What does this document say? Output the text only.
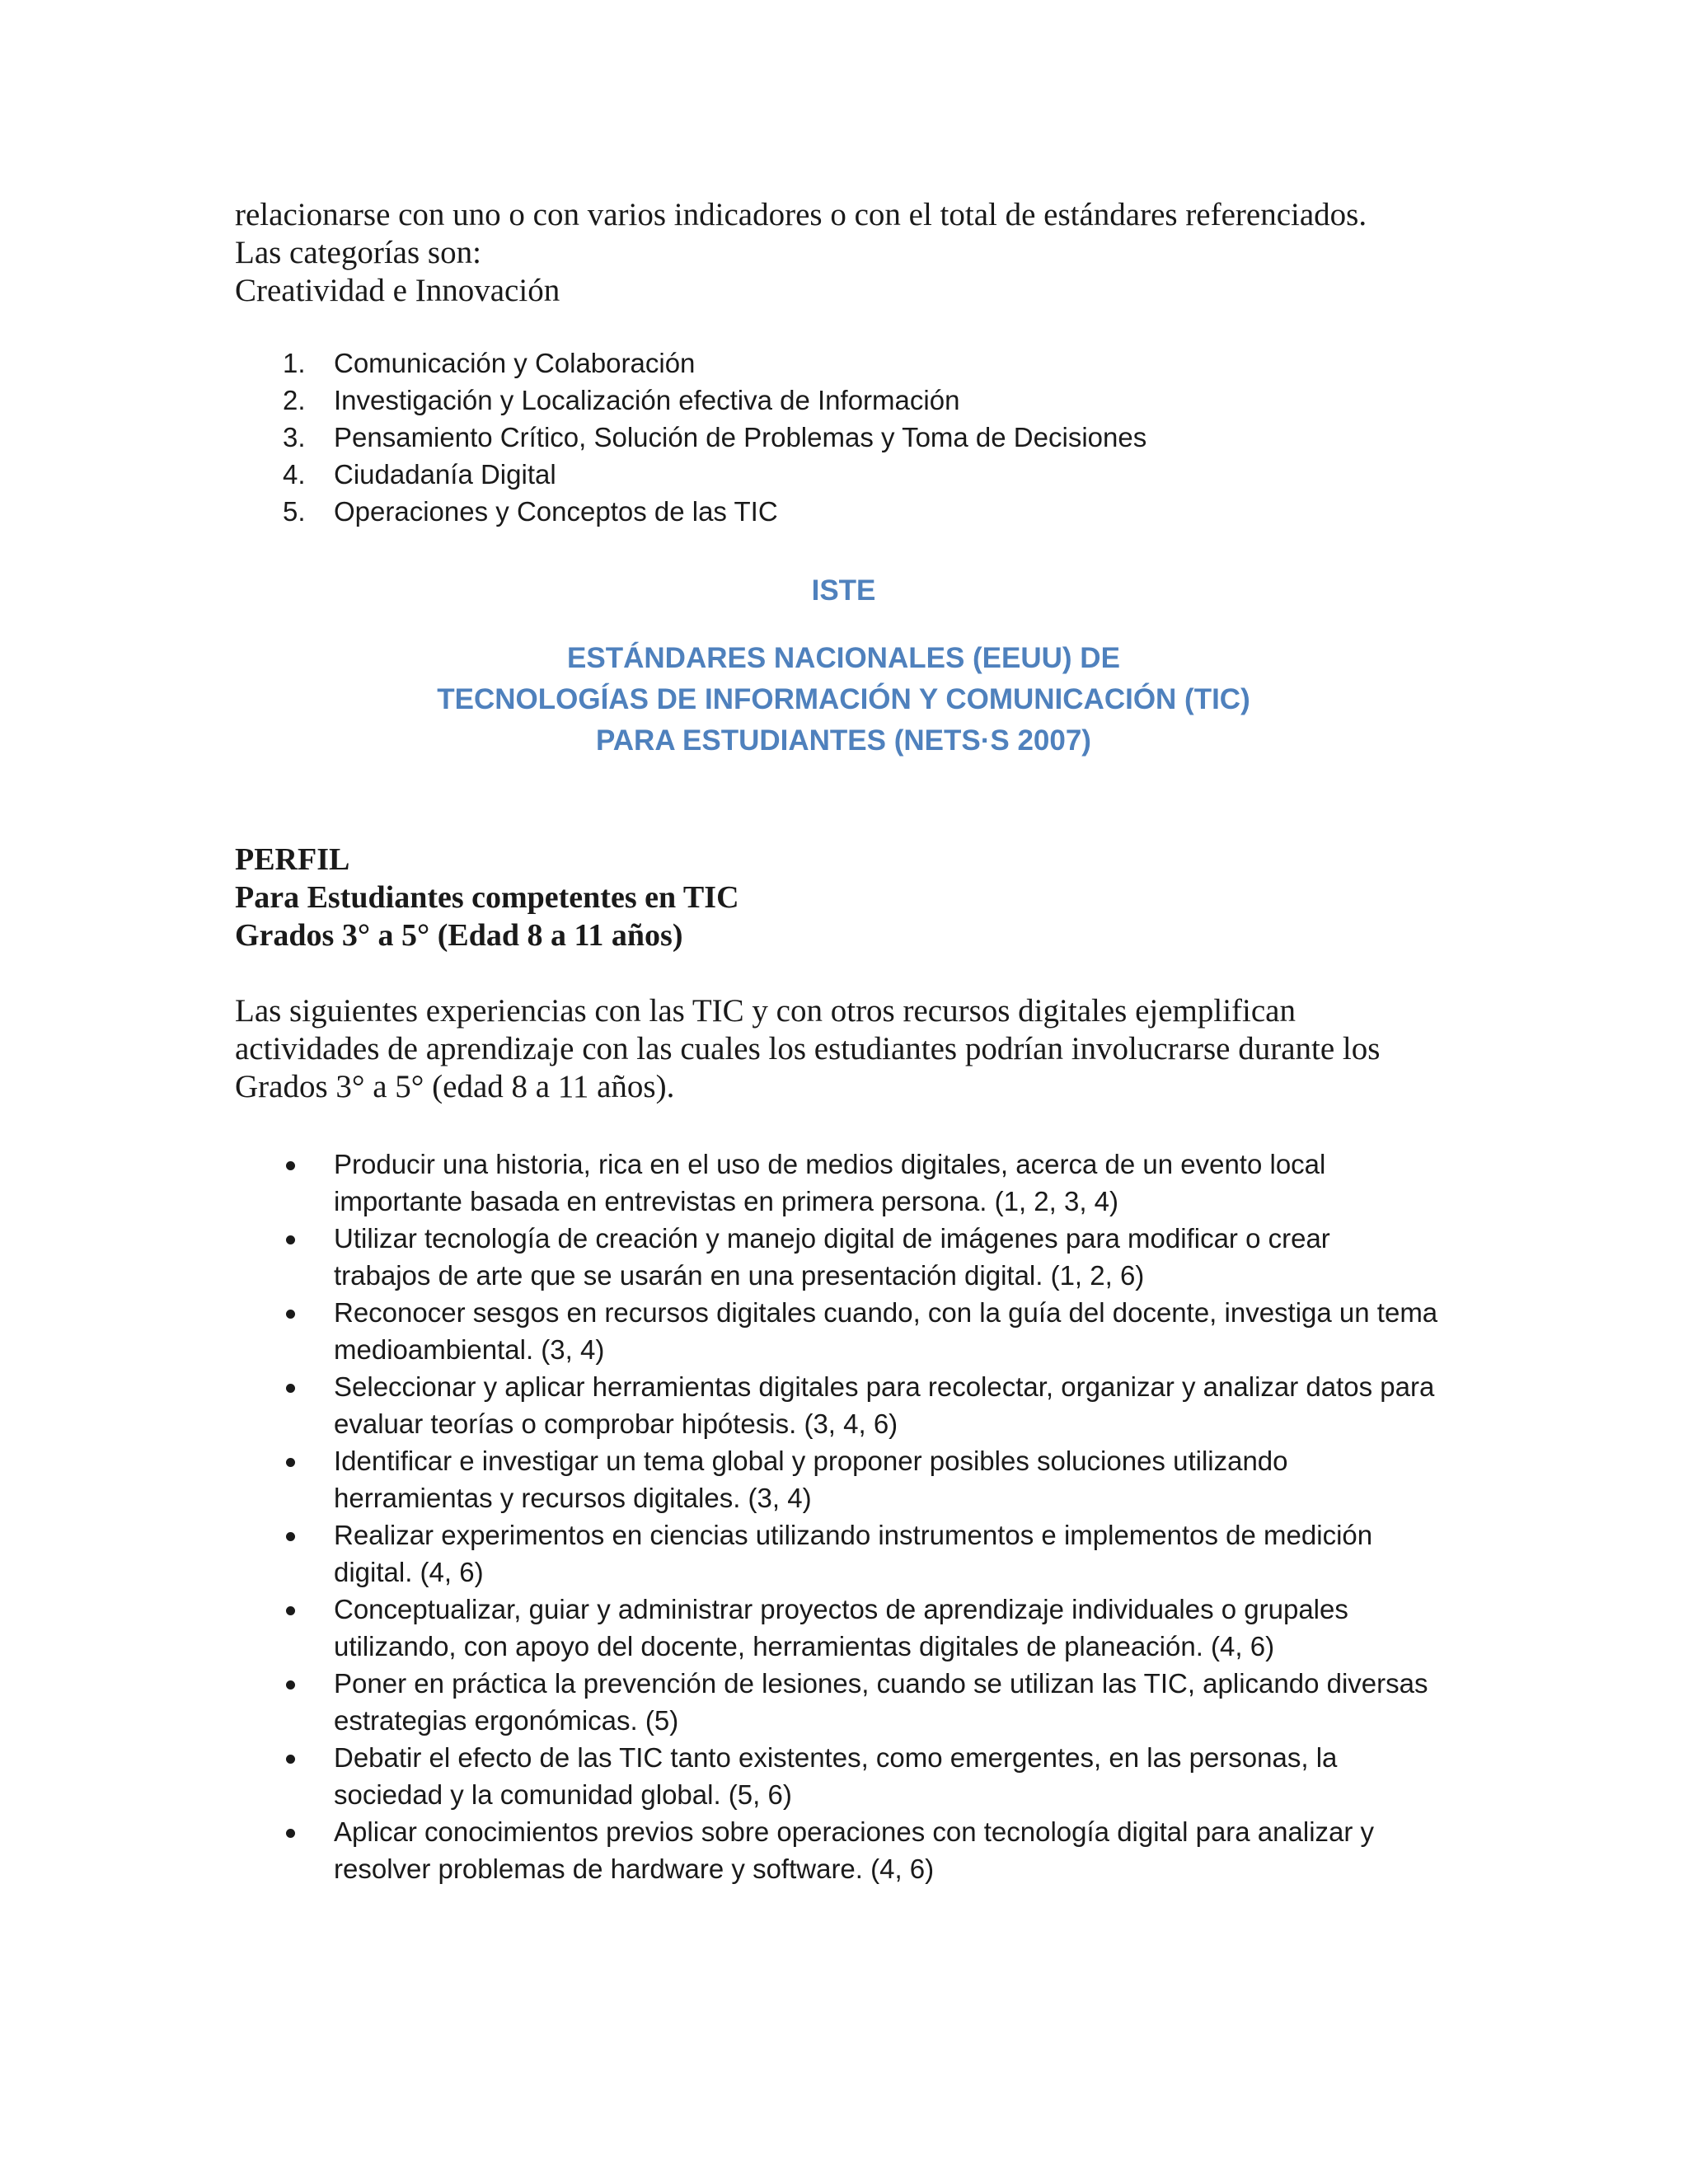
relacionarse con uno o con varios indicadores o con el total de estándares referenciados.
Las categorías son:
Creatividad e Innovación
1.	Comunicación y Colaboración
2.	Investigación y Localización efectiva de Información
3.	Pensamiento Crítico, Solución de Problemas y Toma de Decisiones
4.	Ciudadanía Digital
5.	Operaciones y Conceptos de las TIC
ISTE
ESTÁNDARES NACIONALES (EEUU) DE
TECNOLOGÍAS DE INFORMACIÓN Y COMUNICACIÓN (TIC)
PARA ESTUDIANTES (NETS·S 2007)
PERFIL
Para Estudiantes competentes en TIC
Grados 3° a 5° (Edad 8 a 11 años)
Las siguientes experiencias con las TIC y con otros recursos digitales ejemplifican
actividades de aprendizaje con las cuales los estudiantes podrían involucrarse durante los
Grados 3° a 5° (edad 8 a 11 años).
Producir una historia, rica en el uso de medios digitales, acerca de un evento local
importante basada en entrevistas en primera persona. (1, 2, 3, 4)
Utilizar tecnología de creación y manejo digital de imágenes para modificar o crear
trabajos de arte que se usarán en una presentación digital. (1, 2, 6)
Reconocer sesgos en recursos digitales cuando, con la guía del docente, investiga un tema
medioambiental. (3, 4)
Seleccionar y aplicar herramientas digitales para recolectar, organizar y analizar datos para
evaluar teorías o comprobar hipótesis. (3, 4, 6)
Identificar e investigar un tema global y proponer posibles soluciones utilizando
herramientas y recursos digitales. (3, 4)
Realizar experimentos en ciencias utilizando instrumentos e implementos de medición
digital. (4, 6)
Conceptualizar, guiar y administrar proyectos de aprendizaje individuales o grupales
utilizando, con apoyo del docente, herramientas digitales de planeación. (4, 6)
Poner en práctica la prevención de lesiones, cuando se utilizan las TIC, aplicando diversas
estrategias ergonómicas. (5)
Debatir el efecto de las TIC tanto existentes, como emergentes, en las personas, la
sociedad y la comunidad global. (5, 6)
Aplicar conocimientos previos sobre operaciones con tecnología digital para analizar y
resolver problemas de hardware y software. (4, 6)
